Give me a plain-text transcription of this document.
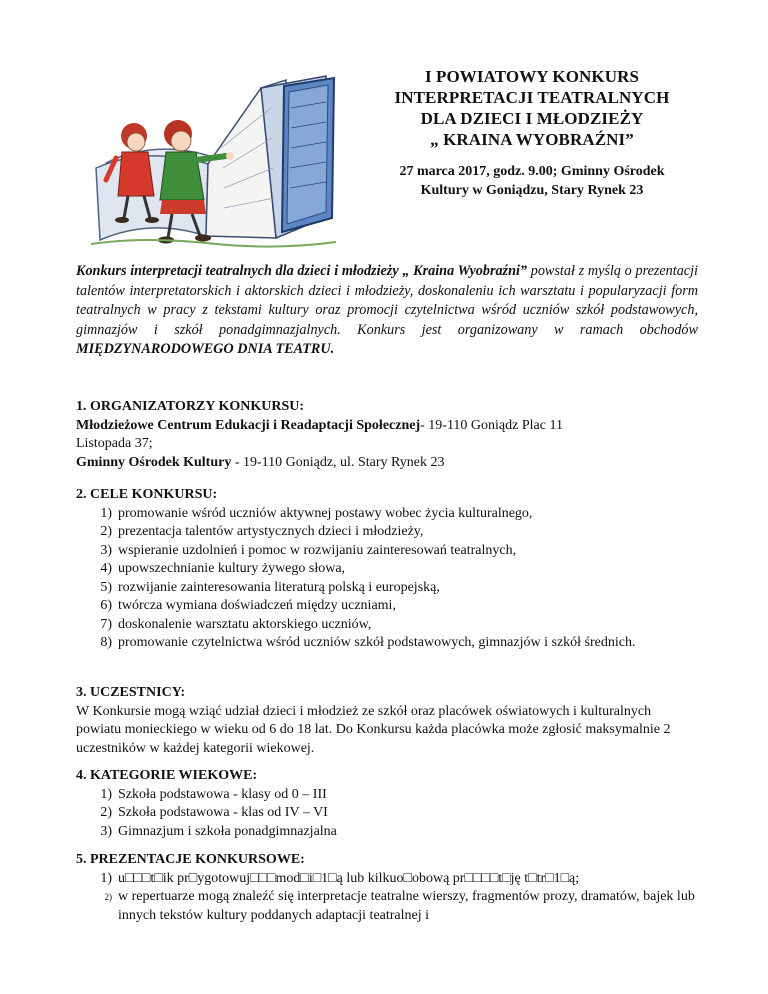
I POWIATOWY KONKURS
INTERPRETACJI TEATRALNYCH
DLA DZIECI I MŁODZIEŻY
„ KRAINA WYOBRAŹNI”
27 marca 2017, godz. 9.00; Gminny Ośrodek
Kultury w Goniądzu, Stary Rynek 23
Konkurs interpretacji teatralnych dla dzieci i młodzieży „ Kraina Wyobraźni” powstał z myślą o prezentacji talentów interpretatorskich i aktorskich dzieci i młodzieży, doskonaleniu ich warsztatu i popularyzacji form teatralnych w pracy z tekstami kultury oraz promocji czytelnictwa wśród uczniów szkół podstawowych, gimnazjów i szkół ponadgimnazjalnych. Konkurs jest organizowany w ramach obchodów MIĘDZYNARODOWEGO DNIA TEATRU.
1. ORGANIZATORZY KONKURSU:
Młodzieżowe Centrum Edukacji i Readaptacji Społecznej- 19-110 Goniądz Plac 11
Listopada 37;
Gminny Ośrodek Kultury - 19-110 Goniądz, ul. Stary Rynek 23
2. CELE KONKURSU:
1) promowanie wśród uczniów aktywnej postawy wobec życia kulturalnego,
2) prezentacja talentów artystycznych dzieci i młodzieży,
3) wspieranie uzdolnień i pomoc w rozwijaniu zainteresowań teatralnych,
4) upowszechnianie kultury żywego słowa,
5) rozwijanie zainteresowania literaturą polską i europejską,
6) twórcza wymiana doświadczeń między uczniami,
7) doskonalenie warsztatu aktorskiego uczniów,
8) promowanie czytelnictwa wśród uczniów szkół podstawowych, gimnazjów i szkół średnich.
3. UCZESTNICY:
W Konkursie mogą wziąć udział dzieci i młodzież ze szkół oraz placówek oświatowych i kulturalnych powiatu monieckiego w wieku od 6 do 18 lat. Do Konkursu każda placówka może zgłosić maksymalnie 2 uczestników w każdej kategorii wiekowej.
4. KATEGORIE WIEKOWE:
1) Szkoła podstawowa - klasy od 0 – III
2) Szkoła podstawowa - klas od IV – VI
3) Gimnazjum i szkoła ponadgimnazjalna
5. PREZENTACJE KONKURSOWE:
1) u□□□t□ik pr□ygotowuj□□□mod□i□1□ą lub kilkuo□obową pr□□□□t□ję t□tr□1□ą;
2) w repertuarze mogą znaleźć się interpretacje teatralne wierszy, fragmentów prozy, dramatów, bajek lub innych tekstów kultury poddanych adaptacji teatralnej i
